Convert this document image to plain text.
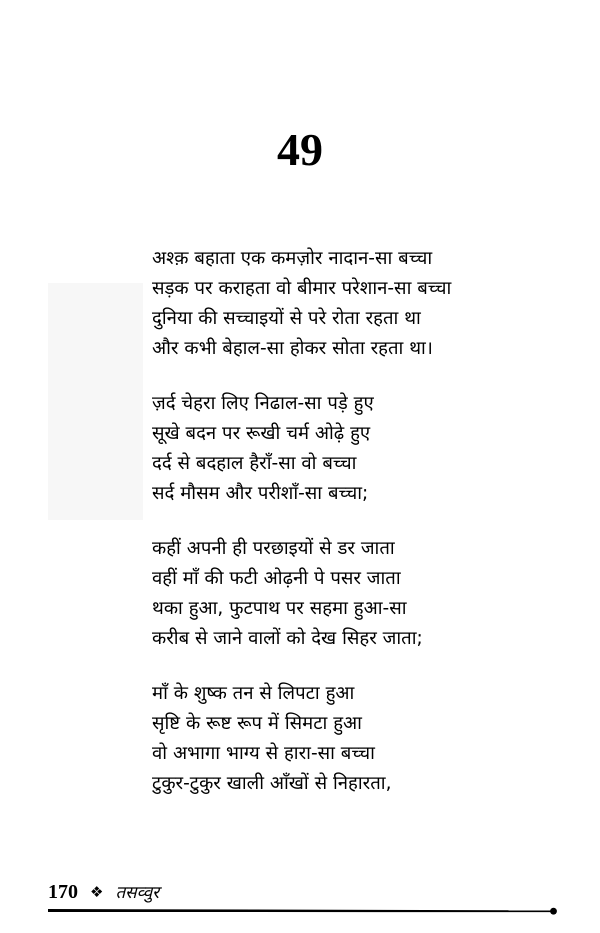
49
अश्क़ बहाता एक कमज़ोर नादान-सा बच्चा
सड़क पर कराहता वो बीमार परेशान-सा बच्चा
दुनिया की सच्चाइयों से परे रोता रहता था
और कभी बेहाल-सा होकर सोता रहता था।
ज़र्द चेहरा लिए निढाल-सा पड़े हुए
सूखे बदन पर रूखी चर्म ओढ़े हुए
दर्द से बदहाल हैराँ-सा वो बच्चा
सर्द मौसम और परीशाँ-सा बच्चा;
कहीं अपनी ही परछाइयों से डर जाता
वहीं माँ की फटी ओढ़नी पे पसर जाता
थका हुआ, फुटपाथ पर सहमा हुआ-सा
करीब से जाने वालों को देख सिहर जाता;
माँ के शुष्क तन से लिपटा हुआ
सृष्टि के रूष्ट रूप में सिमटा हुआ
वो अभागा भाग्य से हारा-सा बच्चा
टुकुर-टुकुर खाली आँखों से निहारता,
170 ❖ तसव्वुर
